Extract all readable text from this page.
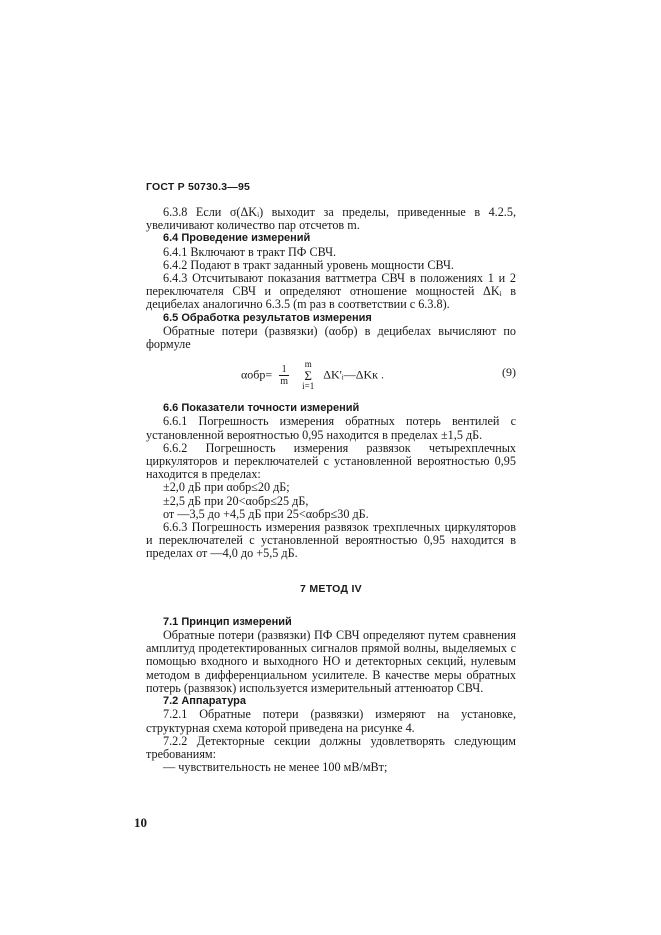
ГОСТ Р 50730.3—95

6.3.8 Если σ(ΔKᵢ) выходит за пределы, приведенные в 4.2.5, увеличивают количество пар отсчетов m.

6.4 Проведение измерений

6.4.1 Включают в тракт ПФ СВЧ.

6.4.2 Подают в тракт заданный уровень мощности СВЧ.

6.4.3 Отсчитывают показания ваттметра СВЧ в положениях 1 и 2 переключателя СВЧ и определяют отношение мощностей ΔKᵢ в децибелах аналогично 6.3.5 (m раз в соответствии с 6.3.8).

6.5 Обработка результатов измерения

Обратные потери (развязки) (αобр) в децибелах вычисляют по формуле

$\alpha обр= \frac{1}{m}$ m
Σ
i=1 ΔK'ᵢ—ΔKк .	(9)

6.6 Показатели точности измерений

6.6.1 Погрешность измерения обратных потерь вентилей с установленной вероятностью 0,95 находится в пределах ±1,5 дБ.

6.6.2 Погрешность измерения развязок четырехплечных циркуляторов и переключателей с установленной вероятностью 0,95 находится в пределах:

±2,0 дБ при αобр≤20 дБ;

±2,5 дБ при 20<αобр≤25 дБ,

от —3,5 до +4,5 дБ при 25<αобр≤30 дБ.

6.6.3 Погрешность измерения развязок трехплечных циркуляторов и переключателей с установленной вероятностью 0,95 находится в пределах от —4,0 до +5,5 дБ.

7 МЕТОД IV

7.1 Принцип измерений

Обратные потери (развязки) ПФ СВЧ определяют путем сравнения амплитуд продетектированных сигналов прямой волны, выделяемых с помощью входного и выходного НО и детекторных секций, нулевым методом в дифференциальном усилителе. В качестве меры обратных потерь (развязок) используется измерительный аттенюатор СВЧ.

7.2 Аппаратура

7.2.1 Обратные потери (развязки) измеряют на установке, структурная схема которой приведена на рисунке 4.

7.2.2 Детекторные секции должны удовлетворять следующим требованиям:

— чувствительность не менее 100 мВ/мВт;

10
